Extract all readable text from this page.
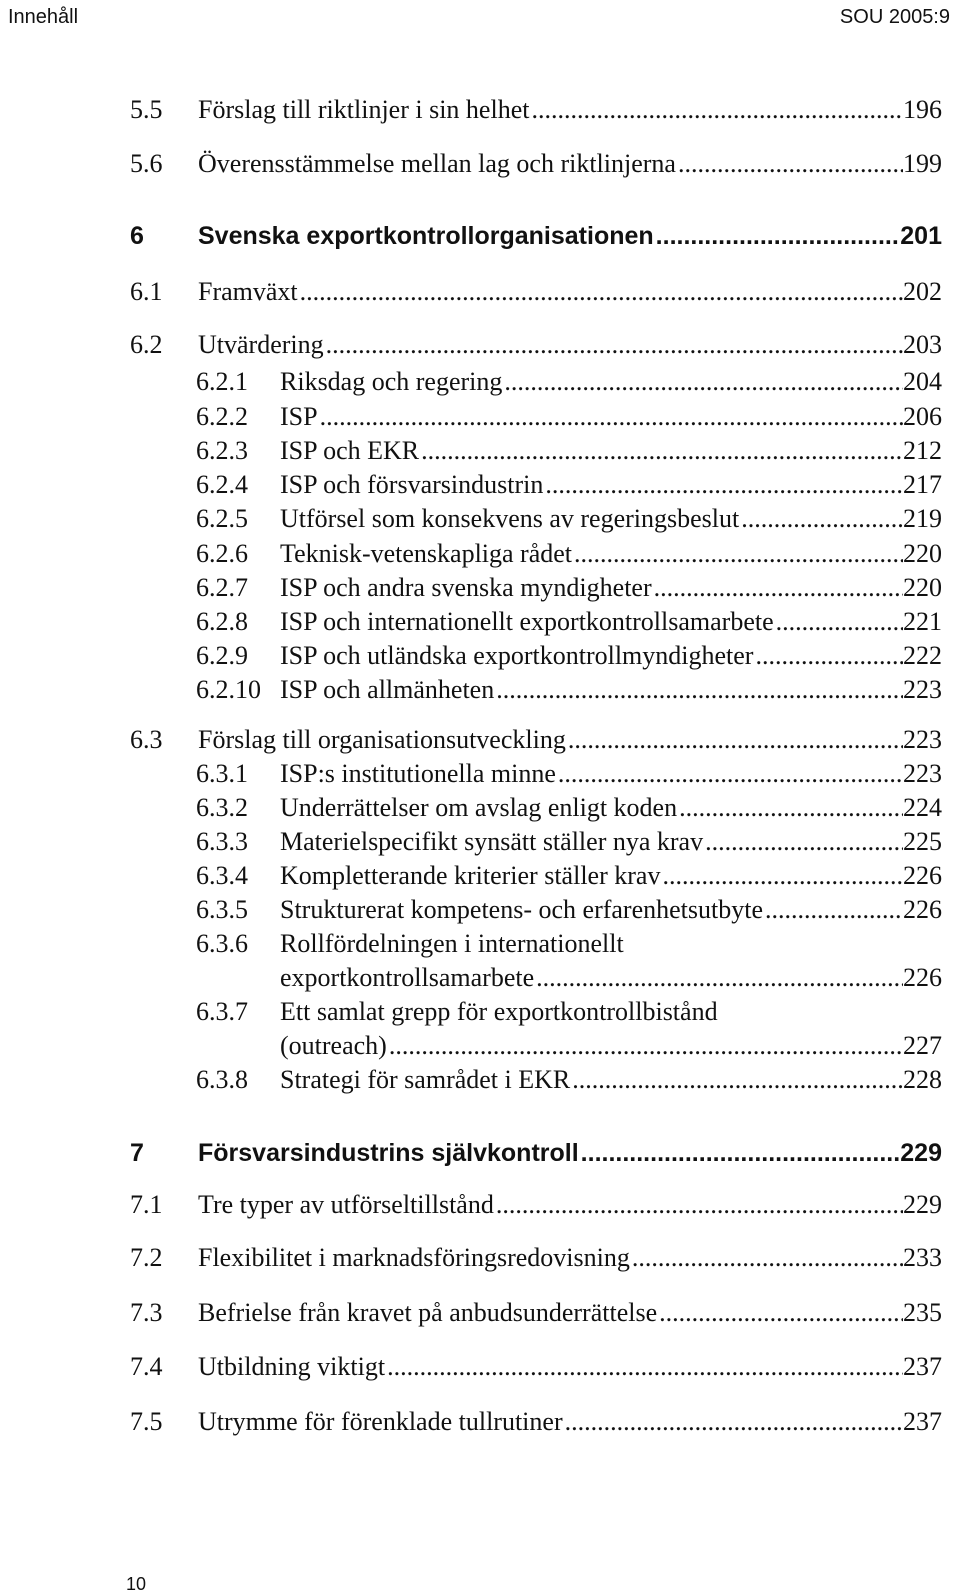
Innehåll	SOU 2005:9
5.5 Förslag till riktlinjer i sin helhet .....	196
5.6 Överensstämmelse mellan lag och riktlinjerna .....	199
6 Svenska exportkontrollorganisationen .....	201
6.1 Framväxt .....	202
6.2 Utvärdering .....	203
6.2.1 Riksdag och regering .....	204
6.2.2 ISP .....	206
6.2.3 ISP och EKR .....	212
6.2.4 ISP och försvarsindustrin .....	217
6.2.5 Utförsel som konsekvens av regeringsbeslut .....	219
6.2.6 Teknisk-vetenskapliga rådet .....	220
6.2.7 ISP och andra svenska myndigheter .....	220
6.2.8 ISP och internationellt exportkontrollsamarbete .....	221
6.2.9 ISP och utländska exportkontrollmyndigheter .....	222
6.2.10 ISP och allmänheten .....	223
6.3 Förslag till organisationsutveckling .....	223
6.3.1 ISP:s institutionella minne .....	223
6.3.2 Underrättelser om avslag enligt koden .....	224
6.3.3 Materielspecifikt synsätt ställer nya krav .....	225
6.3.4 Kompletterande kriterier ställer krav .....	226
6.3.5 Strukturerat kompetens- och erfarenhetsutbyte .....	226
6.3.6 Rollfördelningen i internationellt
exportkontrollsamarbete .....	226
6.3.7 Ett samlat grepp för exportkontrollbistånd
(outreach) .....	227
6.3.8 Strategi för samrådet i EKR .....	228
7 Försvarsindustrins självkontroll .....	229
7.1 Tre typer av utförseltillstånd .....	229
7.2 Flexibilitet i marknadsföringsredovisning .....	233
7.3 Befrielse från kravet på anbudsunderrättelse .....	235
7.4 Utbildning viktigt .....	237
7.5 Utrymme för förenklade tullrutiner .....	237
10
